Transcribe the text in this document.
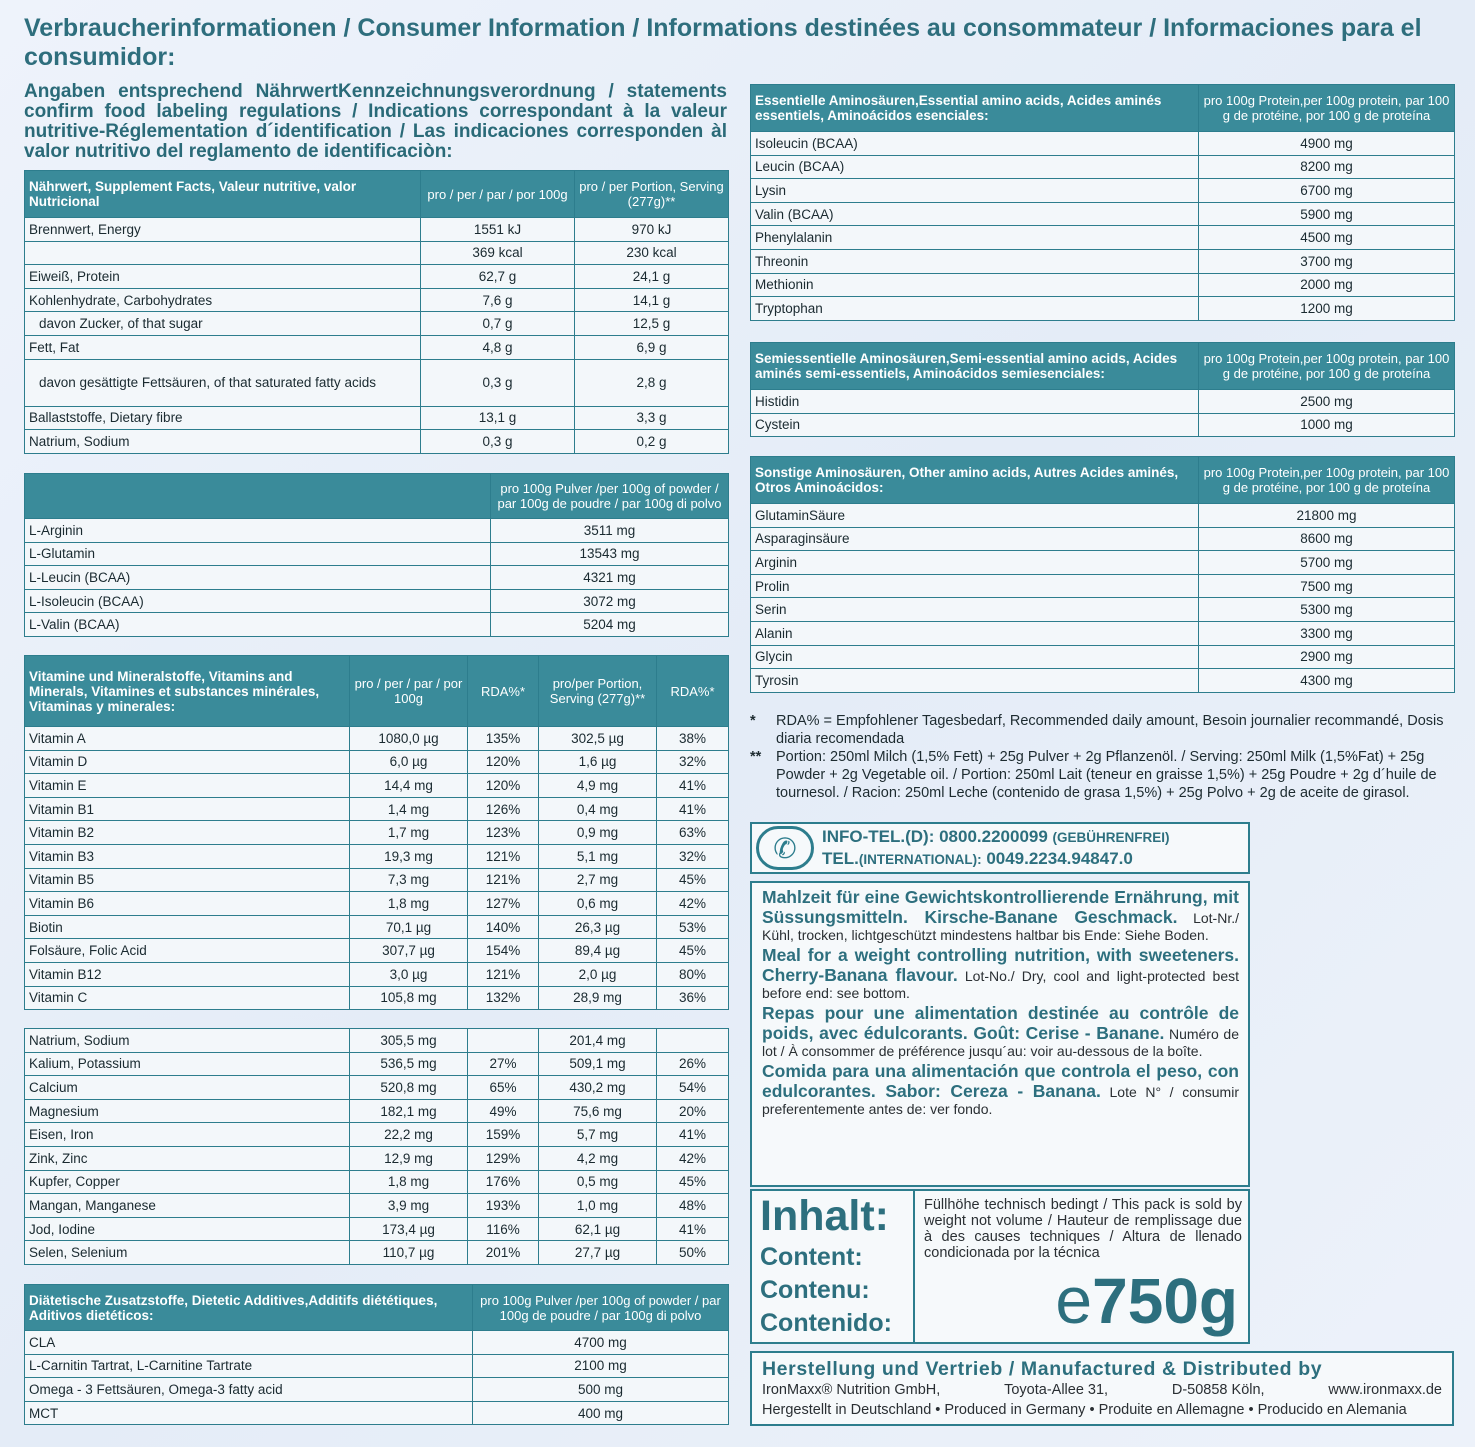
Verbraucherinformationen / Consumer Information / Informations destinées au consommateur / Informaciones para el consumidor:
Angaben entsprechend NährwertKennzeichnungsverordnung / statements confirm food labeling regulations / Indications correspondant à la valeur nutritive-Réglementation d´identification / Las indicaciones corresponden àl valor nutritivo del reglamento de identificaciòn:
Nährwert, Supplement Facts, Valeur nutritive, valor Nutricional	pro / per / par / por 100g	pro / per Portion, Serving (277g)**
Brennwert, Energy	1551 kJ	970 kJ
	369 kcal	230 kcal
Eiweiß, Protein	62,7 g	24,1 g
Kohlenhydrate, Carbohydrates	7,6 g	14,1 g
davon Zucker, of that sugar	0,7 g	12,5 g
Fett, Fat	4,8 g	6,9 g
davon gesättigte Fettsäuren, of that saturated fatty acids	0,3 g	2,8 g
Ballaststoffe, Dietary fibre	13,1 g	3,3 g
Natrium, Sodium	0,3 g	0,2 g
	pro 100g Pulver /per 100g of powder / par 100g de poudre / par 100g di polvo
L-Arginin	3511 mg
L-Glutamin	13543 mg
L-Leucin (BCAA)	4321 mg
L-Isoleucin (BCAA)	3072 mg
L-Valin (BCAA)	5204 mg
Vitamine und Mineralstoffe, Vitamins and Minerals, Vitamines et substances minérales, Vitaminas y minerales:	pro / per / par / por 100g	RDA%*	pro/per Portion, Serving (277g)**	RDA%*
Vitamin A	1080,0 µg	135%	302,5 µg	38%
Vitamin D	6,0 µg	120%	1,6 µg	32%
Vitamin E	14,4 mg	120%	4,9 mg	41%
Vitamin B1	1,4 mg	126%	0,4 mg	41%
Vitamin B2	1,7 mg	123%	0,9 mg	63%
Vitamin B3	19,3 mg	121%	5,1 mg	32%
Vitamin B5	7,3 mg	121%	2,7 mg	45%
Vitamin B6	1,8 mg	127%	0,6 mg	42%
Biotin	70,1 µg	140%	26,3 µg	53%
Folsäure, Folic Acid	307,7 µg	154%	89,4 µg	45%
Vitamin B12	3,0 µg	121%	2,0 µg	80%
Vitamin C	105,8 mg	132%	28,9 mg	36%
Natrium, Sodium	305,5 mg		201,4 mg	
Kalium, Potassium	536,5 mg	27%	509,1 mg	26%
Calcium	520,8 mg	65%	430,2 mg	54%
Magnesium	182,1 mg	49%	75,6 mg	20%
Eisen, Iron	22,2 mg	159%	5,7 mg	41%
Zink, Zinc	12,9 mg	129%	4,2 mg	42%
Kupfer, Copper	1,8 mg	176%	0,5 mg	45%
Mangan, Manganese	3,9 mg	193%	1,0 mg	48%
Jod, Iodine	173,4 µg	116%	62,1 µg	41%
Selen, Selenium	110,7 µg	201%	27,7 µg	50%
Diätetische Zusatzstoffe, Dietetic Additives,Additifs diététiques, Aditivos dietéticos:	pro 100g Pulver /per 100g of powder / par 100g de poudre / par 100g di polvo
CLA	4700 mg
L-Carnitin Tartrat, L-Carnitine Tartrate	2100 mg
Omega - 3 Fettsäuren, Omega-3 fatty acid	500 mg
MCT	400 mg
Essentielle Aminosäuren,Essential amino acids, Acides aminés essentiels, Aminoácidos esenciales:	pro 100g Protein,per 100g protein, par 100 g de protéine, por 100 g de proteína
Isoleucin (BCAA)	4900 mg
Leucin (BCAA)	8200 mg
Lysin	6700 mg
Valin (BCAA)	5900 mg
Phenylalanin	4500 mg
Threonin	3700 mg
Methionin	2000 mg
Tryptophan	1200 mg
Semiessentielle Aminosäuren,Semi-essential amino acids, Acides aminés semi-essentiels, Aminoácidos semiesenciales:	pro 100g Protein,per 100g protein, par 100 g de protéine, por 100 g de proteína
Histidin	2500 mg
Cystein	1000 mg
Sonstige Aminosäuren, Other amino acids, Autres Acides aminés, Otros Aminoácidos:	pro 100g Protein,per 100g protein, par 100 g de protéine, por 100 g de proteína
GlutaminSäure	21800 mg
Asparaginsäure	8600 mg
Arginin	5700 mg
Prolin	7500 mg
Serin	5300 mg
Alanin	3300 mg
Glycin	2900 mg
Tyrosin	4300 mg
*	RDA% = Empfohlener Tagesbedarf, Recommended daily amount, Besoin journalier recommandé, Dosis diaria recomendada
**	Portion: 250ml Milch (1,5% Fett) + 25g Pulver + 2g Pflanzenöl. / Serving: 250ml Milk (1,5%Fat) + 25g Powder + 2g Vegetable oil. / Portion: 250ml Lait (teneur en graisse 1,5%) + 25g Poudre + 2g d´huile de tournesol. / Racion: 250ml Leche (contenido de grasa 1,5%) + 25g Polvo + 2g de aceite de girasol.
✆	INFO-TEL.(D): 0800.2200099 (GEBÜHRENFREI)
TEL.(INTERNATIONAL): 0049.2234.94847.0

Mahlzeit für eine Gewichtskontrollierende Ernährung, mit Süssungsmitteln. Kirsche-Banane Geschmack. Lot-Nr./ Kühl, trocken, lichtgeschützt mindestens haltbar bis Ende: Siehe Boden.

Meal for a weight controlling nutrition, with sweeteners. Cherry-Banana flavour. Lot-No./ Dry, cool and light-protected best before end: see bottom.

Repas pour une alimentation destinée au contrôle de poids, avec édulcorants. Goût: Cerise - Banane. Numéro de lot / À consommer de préférence jusqu´au: voir au-dessous de la boîte.

Comida para una alimentación que controla el peso, con edulcorantes. Sabor: Cereza - Banana. Lote N° / consumir preferentemente antes de: ver fondo.

Inhalt:
Content:
Contenu:
Contenido:
Füllhöhe technisch bedingt / This pack is sold by weight not volume / Hauteur de remplissage due à des causes techniques / Altura de llenado condicionada por la técnica
e750g
Herstellung und Vertrieb / Manufactured & Distributed by
IronMaxx® Nutrition GmbH,	Toyota-Allee 31,	D-50858 Köln,	www.ironmaxx.de
Hergestellt in Deutschland • Produced in Germany • Produite en Allemagne • Producido en Alemania
